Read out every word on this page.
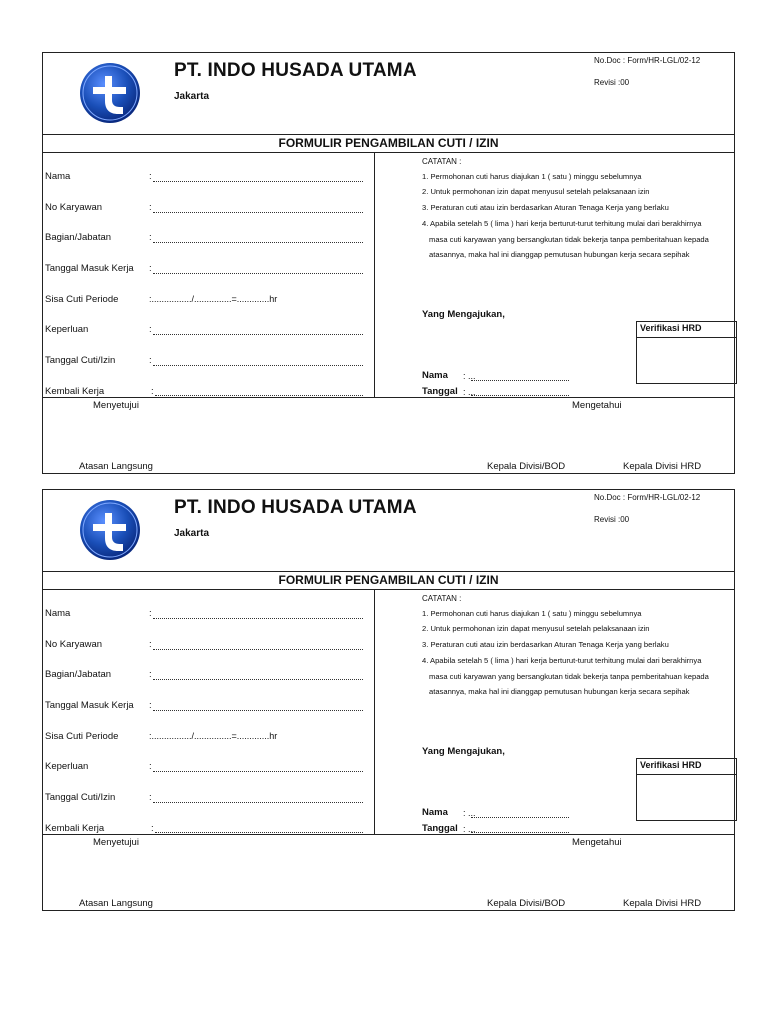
PT. INDO HUSADA UTAMA
Jakarta
No.Doc : Form/HR-LGL/02-12
Revisi :00
FORMULIR PENGAMBILAN CUTI / IZIN
Nama	:
No Karyawan	:
Bagian/Jabatan	:
Tanggal Masuk Kerja :
Sisa Cuti Periode	:................/...............=.............hr
Keperluan	:
Tanggal Cuti/Izin	:
Kembali Kerja	:
CATATAN :
1. Permohonan cuti harus diajukan 1 ( satu ) minggu sebelumnya
2. Untuk permohonan izin dapat menyusul setelah pelaksanaan izin
3. Peraturan cuti atau izin berdasarkan Aturan Tenaga Kerja yang berlaku
4. Apabila setelah 5 ( lima ) hari kerja berturut-turut terhitung mulai dari berakhirnya
masa cuti karyawan yang bersangkutan tidak bekerja tanpa pemberitahuan kepada
atasannya, maka hal ini dianggap pemutusan hubungan kerja secara sepihak
Yang Mengajukan,
Verifikasi HRD
Nama : ...
Tanggal : ...
Menyetujui	Mengetahui
Atasan Langsung	Kepala Divisi/BOD	Kepala Divisi HRD
PT. INDO HUSADA UTAMA
Jakarta
No.Doc : Form/HR-LGL/02-12
Revisi :00
FORMULIR PENGAMBILAN CUTI / IZIN
Nama	:
No Karyawan	:
Bagian/Jabatan	:
Tanggal Masuk Kerja :
Sisa Cuti Periode	:................/...............=.............hr
Keperluan	:
Tanggal Cuti/Izin	:
Kembali Kerja	:
CATATAN :
1. Permohonan cuti harus diajukan 1 ( satu ) minggu sebelumnya
2. Untuk permohonan izin dapat menyusul setelah pelaksanaan izin
3. Peraturan cuti atau izin berdasarkan Aturan Tenaga Kerja yang berlaku
4. Apabila setelah 5 ( lima ) hari kerja berturut-turut terhitung mulai dari berakhirnya
masa cuti karyawan yang bersangkutan tidak bekerja tanpa pemberitahuan kepada
atasannya, maka hal ini dianggap pemutusan hubungan kerja secara sepihak
Yang Mengajukan,
Verifikasi HRD
Nama : ...
Tanggal : ...
Menyetujui	Mengetahui
Atasan Langsung	Kepala Divisi/BOD	Kepala Divisi HRD
